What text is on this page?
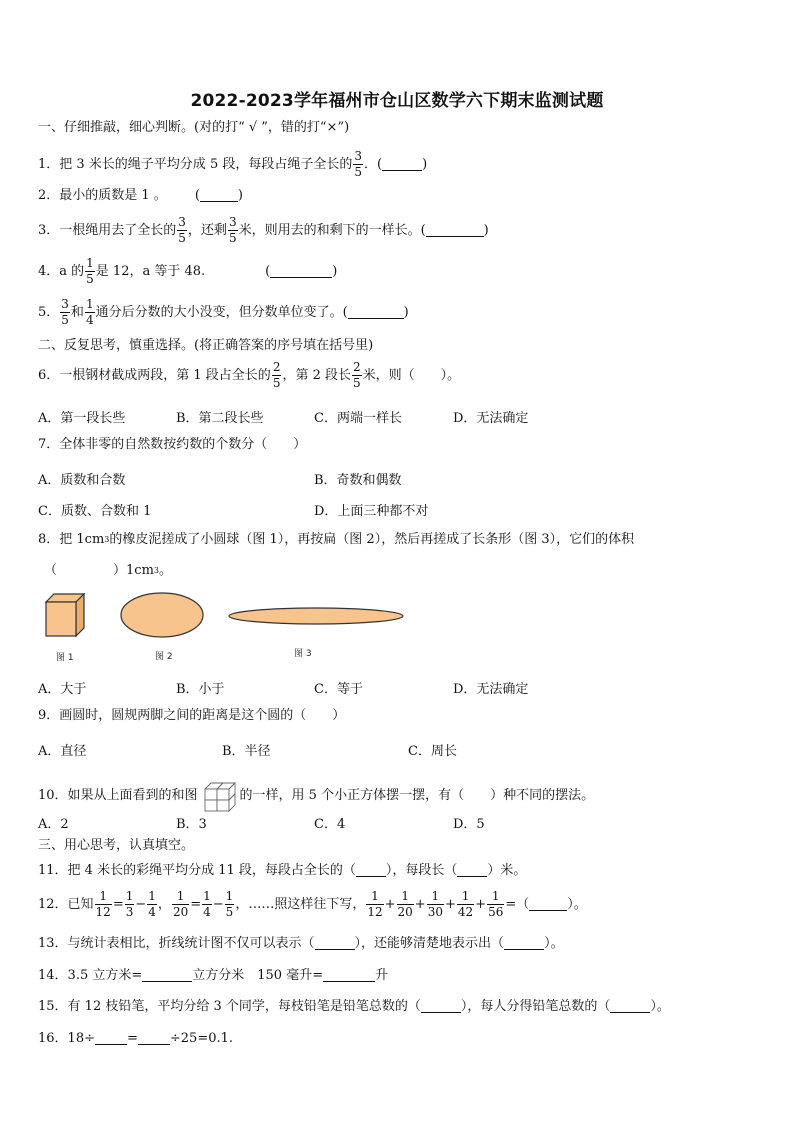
2022-2023学年福州市仓山区数学六下期末监测试题
一、仔细推敲，细心判断。(对的打“ √ ”，错的打“×”)
1．把 3 米长的绳子平均分成 5 段，每段占绳子全长的 $\frac{3}{5}$ ．(	)
2．最小的质数是 1 。 (	)
3．一根绳用去了全长的 $\frac{3}{5}$ ，还剩 $\frac{3}{5}$ 米，则用去的和剩下的一样长。(	)
4．a 的 $\frac{1}{5}$ 是 12，a 等于 48.	(	)
5． $\frac{3}{5}$ 和 $\frac{1}{4}$ 通分后分数的大小没变，但分数单位变了。(	)
二、反复思考，慎重选择。(将正确答案的序号填在括号里)
6．一根钢材截成两段，第 1 段占全长的 $\frac{2}{5}$ ，第 2 段长 $\frac{2}{5}$ 米，则（　　）。
A．第一段长些	B．第二段长些	C．两端一样长	D．无法确定
7．全体非零的自然数按约数的个数分（　　）
A．质数和合数	B．奇数和偶数
C．质数、合数和 1	D．上面三种都不对
8．把 1cm 3 的橡皮泥搓成了小圆球（图 1），再按扁（图 2），然后再搓成了长条形（图 3），它们的体积
（	）1cm 3 。
图 1	图 2	图 3
A．大于	B．小于	C．等于	D．无法确定
9．画圆时，圆规两脚之间的距离是这个圆的（　　）
A．直径	B．半径	C．周长
10．如果从上面看到的和图	的一样，用 5 个小正方体摆一摆，有（　　）种不同的摆法。
A．2	B．3	C．4	D．5
三、用心思考，认真填空。
11．把 4 米长的彩绳平均分成 11 段，每段占全长的（ ），每段长（ ）米。
12．已知 $\frac{1}{12} = \frac{1}{3} - \frac{1}{4}$ ， $\frac{1}{20} = \frac{1}{4} - \frac{1}{5}$ ，……照这样往下写， $\frac{1}{12} + \frac{1}{20} + \frac{1}{30} + \frac{1}{42} + \frac{1}{56}$ =（	）。
13．与统计表相比，折线统计图不仅可以表示（	），还能够清楚地表示出（	）。
14．3.5 立方米=	立方分米　150 毫升=	升
15．有 12 枝铅笔，平均分给 3 个同学，每枝铅笔是铅笔总数的（	），每人分得铅笔总数的（	）。
16．18÷ = ÷25=0.1.
